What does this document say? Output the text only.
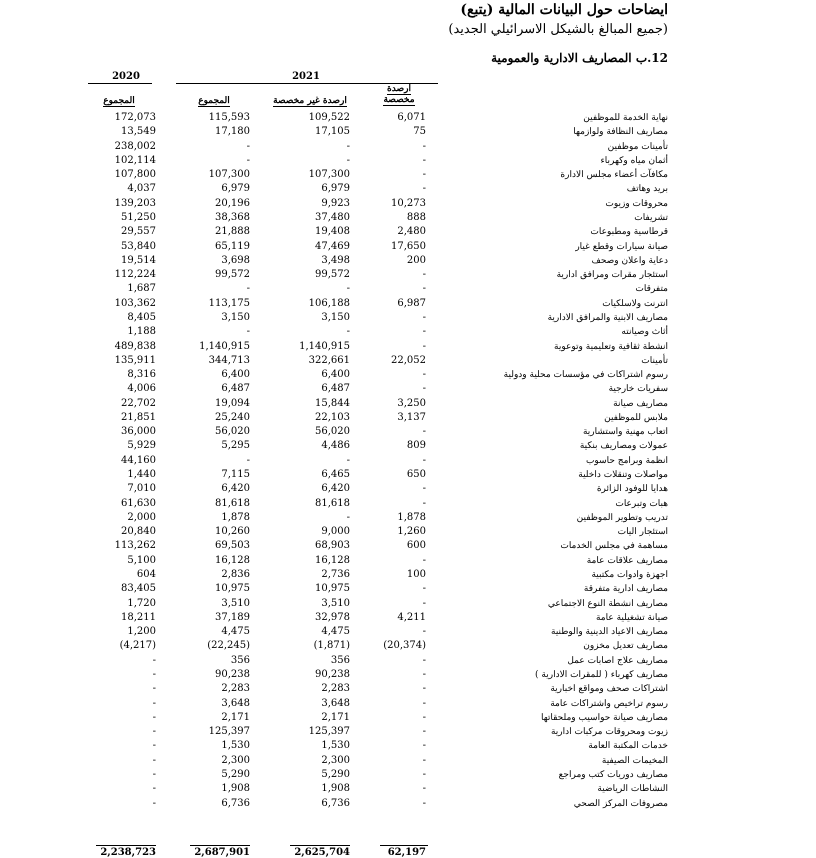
ايضاحات حول البيانات المالية (يتبع)
(جميع المبالغ بالشيكل الاسرائيلي الجديد)
12.ب المصاريف الادارية والعمومية
2020	2021
المجموع	المجموع	ارصدة غير مخصصة
ارصدة مخصصة
172,073	115,593	109,522	6,071	نهاية الخدمة للموظفين
13,549	17,180	17,105	75	مصاريف النظافة ولوازمها
238,002	-	-	-	تأمينات موظفين
102,114	-	-	-	أثمان مياه وكهرباء
107,800	107,300	107,300	-	مكافآت أعضاء مجلس الادارة
4,037	6,979	6,979	-	بريد وهاتف
139,203	20,196	9,923	10,273	محروقات وزيوت
51,250	38,368	37,480	888	تشريفات
29,557	21,888	19,408	2,480	قرطاسية ومطبوعات
53,840	65,119	47,469	17,650	صيانة سيارات وقطع غيار
19,514	3,698	3,498	200	دعاية واعلان وصحف
112,224	99,572	99,572	-	استئجار مقرات ومرافق ادارية
1,687	-	-	-	متفرقات
103,362	113,175	106,188	6,987	انترنت ولاسلكيات
8,405	3,150	3,150	-	مصاريف الابنية والمرافق الادارية
1,188	-	-	-	أثاث وصيانته
489,838	1,140,915	1,140,915	-	انشطة ثقافية وتعليمية وتوعوية
135,911	344,713	322,661	22,052	تأمينات
8,316	6,400	6,400	-	رسوم اشتراكات في مؤسسات محلية ودولية
4,006	6,487	6,487	-	سفريات خارجية
22,702	19,094	15,844	3,250	مصاريف صيانة
21,851	25,240	22,103	3,137	ملابس للموظفين
36,000	56,020	56,020	-	اتعاب مهنية واستشارية
5,929	5,295	4,486	809	عمولات ومصاريف بنكية
44,160	-	-	-	انظمة وبرامج حاسوب
1,440	7,115	6,465	650	مواصلات وتنقلات داخلية
7,010	6,420	6,420	-	هدايا للوفود الزائرة
61,630	81,618	81,618	-	هبات وتبرعات
2,000	1,878	-	1,878	تدريب وتطوير الموظفين
20,840	10,260	9,000	1,260	استئجار اليات
113,262	69,503	68,903	600	مساهمة في مجلس الخدمات
5,100	16,128	16,128	-	مصاريف علاقات عامة
604	2,836	2,736	100	اجهزة وادوات مكتبية
83,405	10,975	10,975	-	مصاريف ادارية متفرقة
1,720	3,510	3,510	-	مصاريف انشطة النوع الاجتماعي
18,211	37,189	32,978	4,211	صيانة تشغيلية عامة
1,200	4,475	4,475	-	مصاريف الاعياد الدينية والوطنية
(4,217)	(22,245)	(1,871)	(20,374)	مصاريف تعديل مخزون
-	356	356	-	مصاريف علاج اصابات عمل
-	90,238	90,238	-	مصاريف كهرباء ( للمقرات الادارية )
-	2,283	2,283	-	اشتراكات صحف ومواقع اخبارية
-	3,648	3,648	-	رسوم تراخيص واشتراكات عامة
-	2,171	2,171	-	مصاريف صيانة حواسيب وملحقاتها
-	125,397	125,397	-	زيوت ومحروقات مركبات ادارية
-	1,530	1,530	-	خدمات المكتبة العامة
-	2,300	2,300	-	المخيمات الصيفية
-	5,290	5,290	-	مصاريف دوريات كتب ومراجع
-	1,908	1,908	-	النشاطات الرياضية
-	6,736	6,736	-	مصروفات المركز الصحي
2,238,723	2,687,901	2,625,704	62,197
